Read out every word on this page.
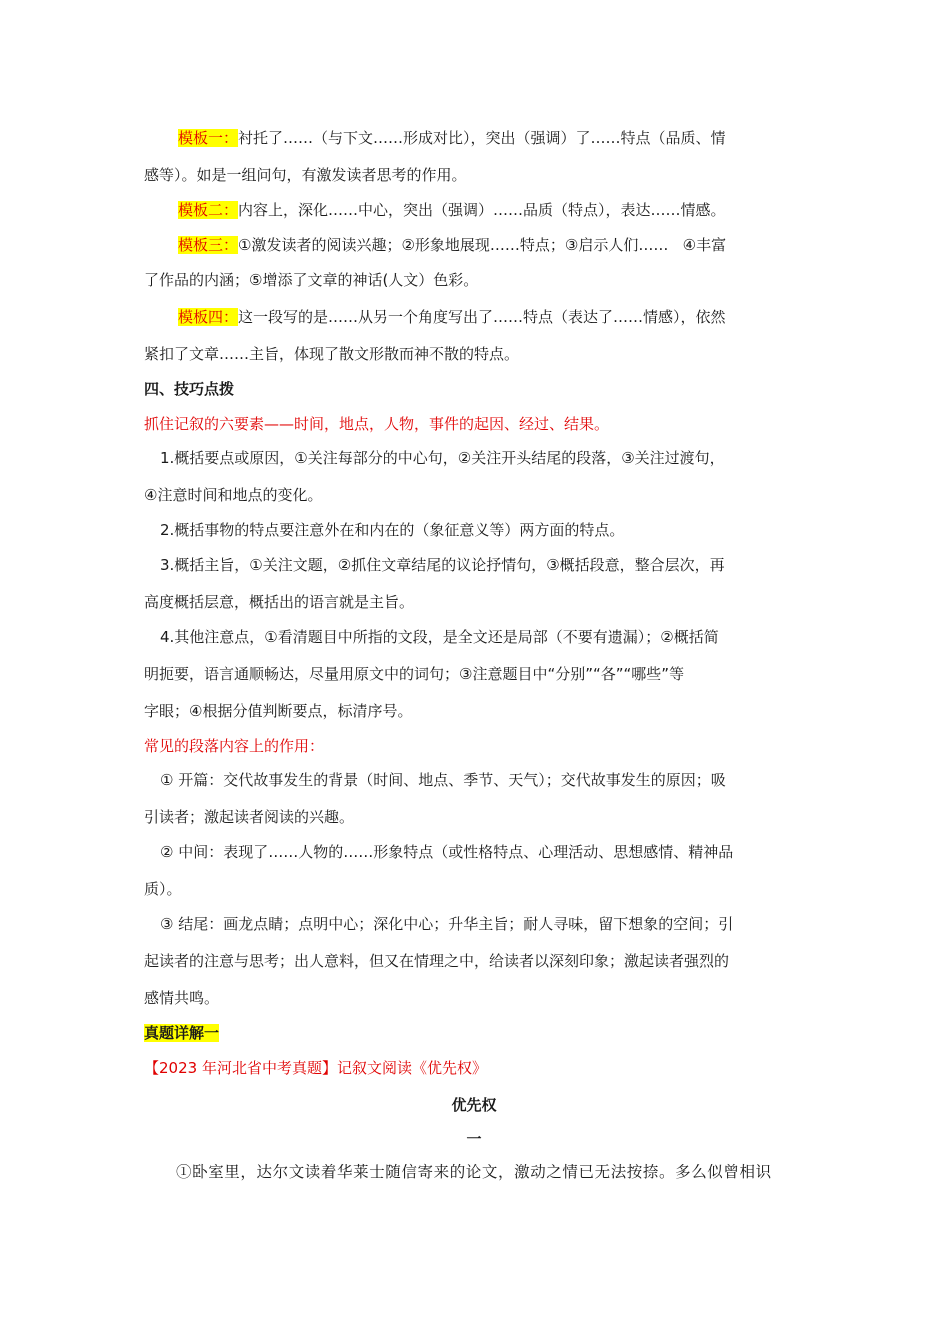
模板一：衬托了……（与下文……形成对比），突出（强调）了……特点（品质、情
感等）。如是一组问句，有激发读者思考的作用。
模板二：内容上，深化……中心，突出（强调）……品质（特点），表达……情感。
模板三：①激发读者的阅读兴趣；②形象地展现……特点；③启示人们……   ④丰富
了作品的内涵；⑤增添了文章的神话(人文）色彩。
模板四：这一段写的是……从另一个角度写出了……特点（表达了……情感），依然
紧扣了文章……主旨，体现了散文形散而神不散的特点。
四、技巧点拨
抓住记叙的六要素——时间，地点，人物，事件的起因、经过、结果。
1.概括要点或原因，①关注每部分的中心句，②关注开头结尾的段落，③关注过渡句，
④注意时间和地点的变化。
2.概括事物的特点要注意外在和内在的（象征意义等）两方面的特点。
3.概括主旨，①关注文题，②抓住文章结尾的议论抒情句，③概括段意，整合层次，再
高度概括层意，概括出的语言就是主旨。
4.其他注意点，①看清题目中所指的文段，是全文还是局部（不要有遗漏）；②概括简
明扼要，语言通顺畅达，尽量用原文中的词句；③注意题目中“分别”“各”“哪些”等
字眼；④根据分值判断要点，标清序号。
常见的段落内容上的作用：
① 开篇：交代故事发生的背景（时间、地点、季节、天气）；交代故事发生的原因；吸
引读者；激起读者阅读的兴趣。
② 中间：表现了……人物的……形象特点（或性格特点、心理活动、思想感情、精神品
质）。
③ 结尾：画龙点睛；点明中心；深化中心；升华主旨；耐人寻味，留下想象的空间；引
起读者的注意与思考；出人意料，但又在情理之中，给读者以深刻印象；激起读者强烈的
感情共鸣。
真题详解一
【2023 年河北省中考真题】记叙文阅读《优先权》
优先权
一
①卧室里，达尔文读着华莱士随信寄来的论文，激动之情已无法按捺。多么似曾相识
